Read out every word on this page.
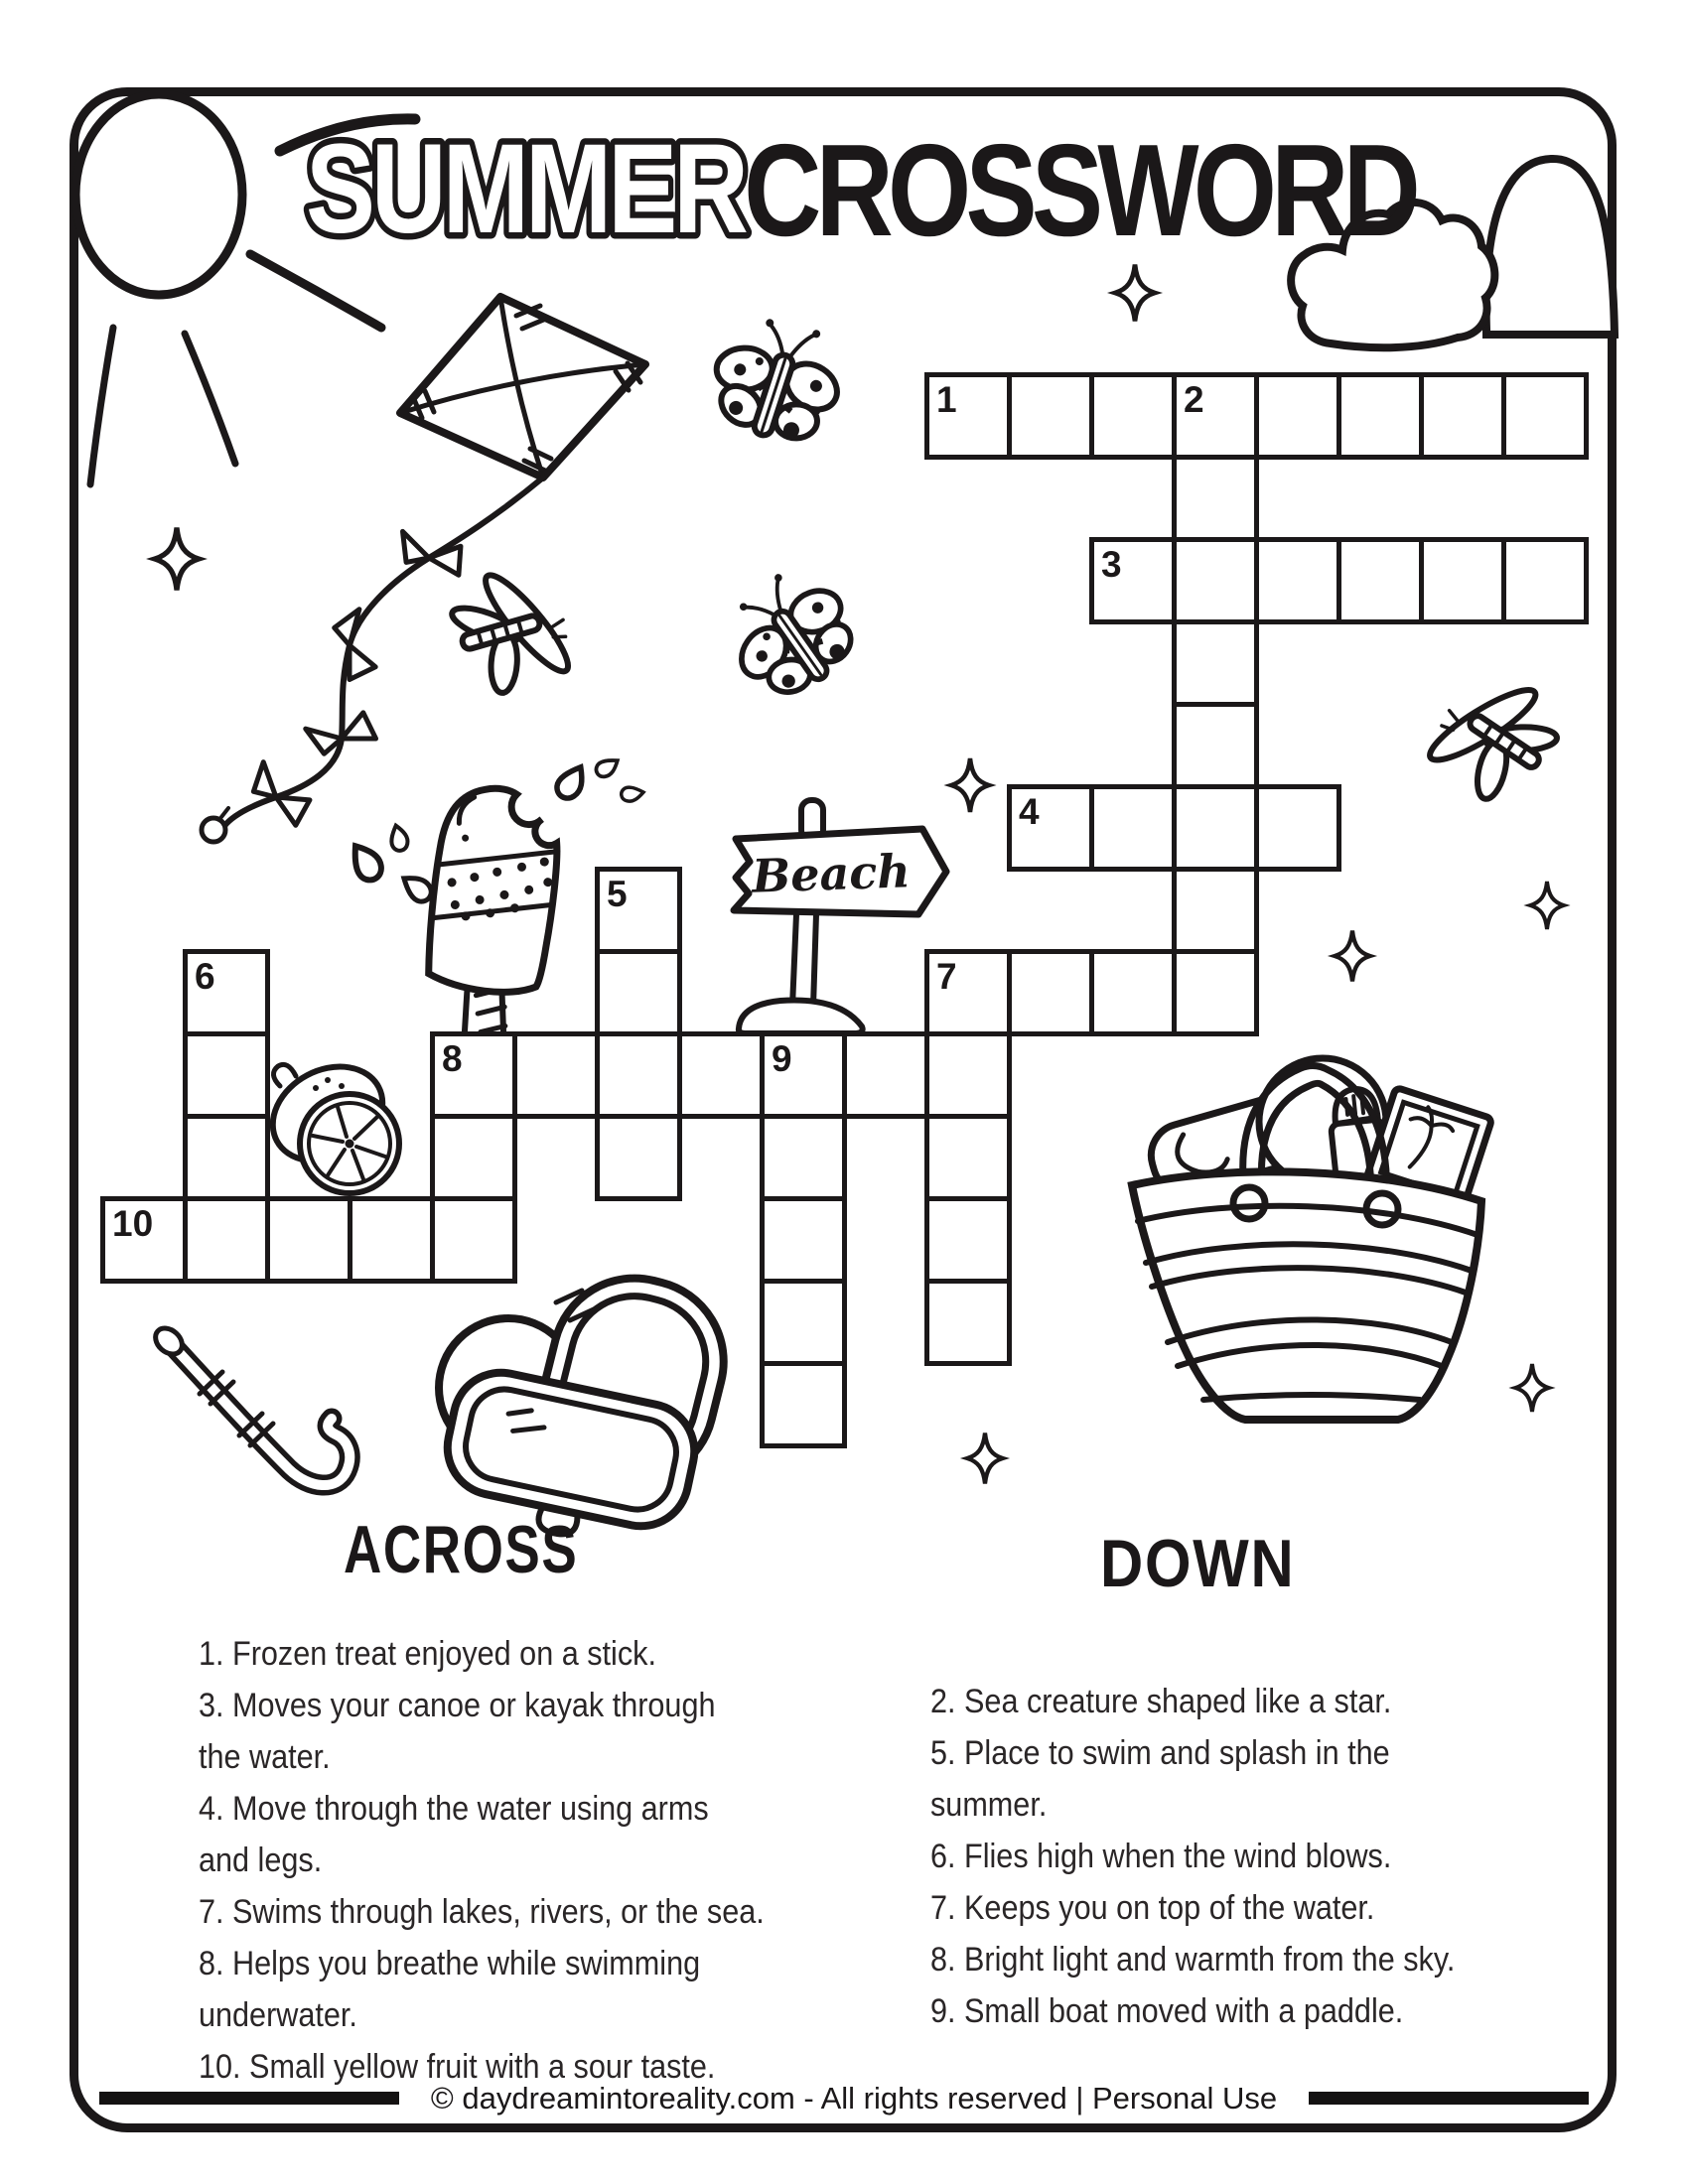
1	2
3
4
5
6	7
8	9
10
SUMMER CROSSWORD
ACROSS	DOWN
1. Frozen treat enjoyed on a stick.
3. Moves your canoe or kayak through
the water.
4. Move through the water using arms
and legs.
7. Swims through lakes, rivers, or the sea.
8. Helps you breathe while swimming
underwater.
10. Small yellow fruit with a sour taste.
2. Sea creature shaped like a star.
5. Place to swim and splash in the
summer.
6. Flies high when the wind blows.
7. Keeps you on top of the water.
8. Bright light and warmth from the sky.
9. Small boat moved with a paddle.
Beach
© daydreamintoreality.com - All rights reserved | Personal Use
